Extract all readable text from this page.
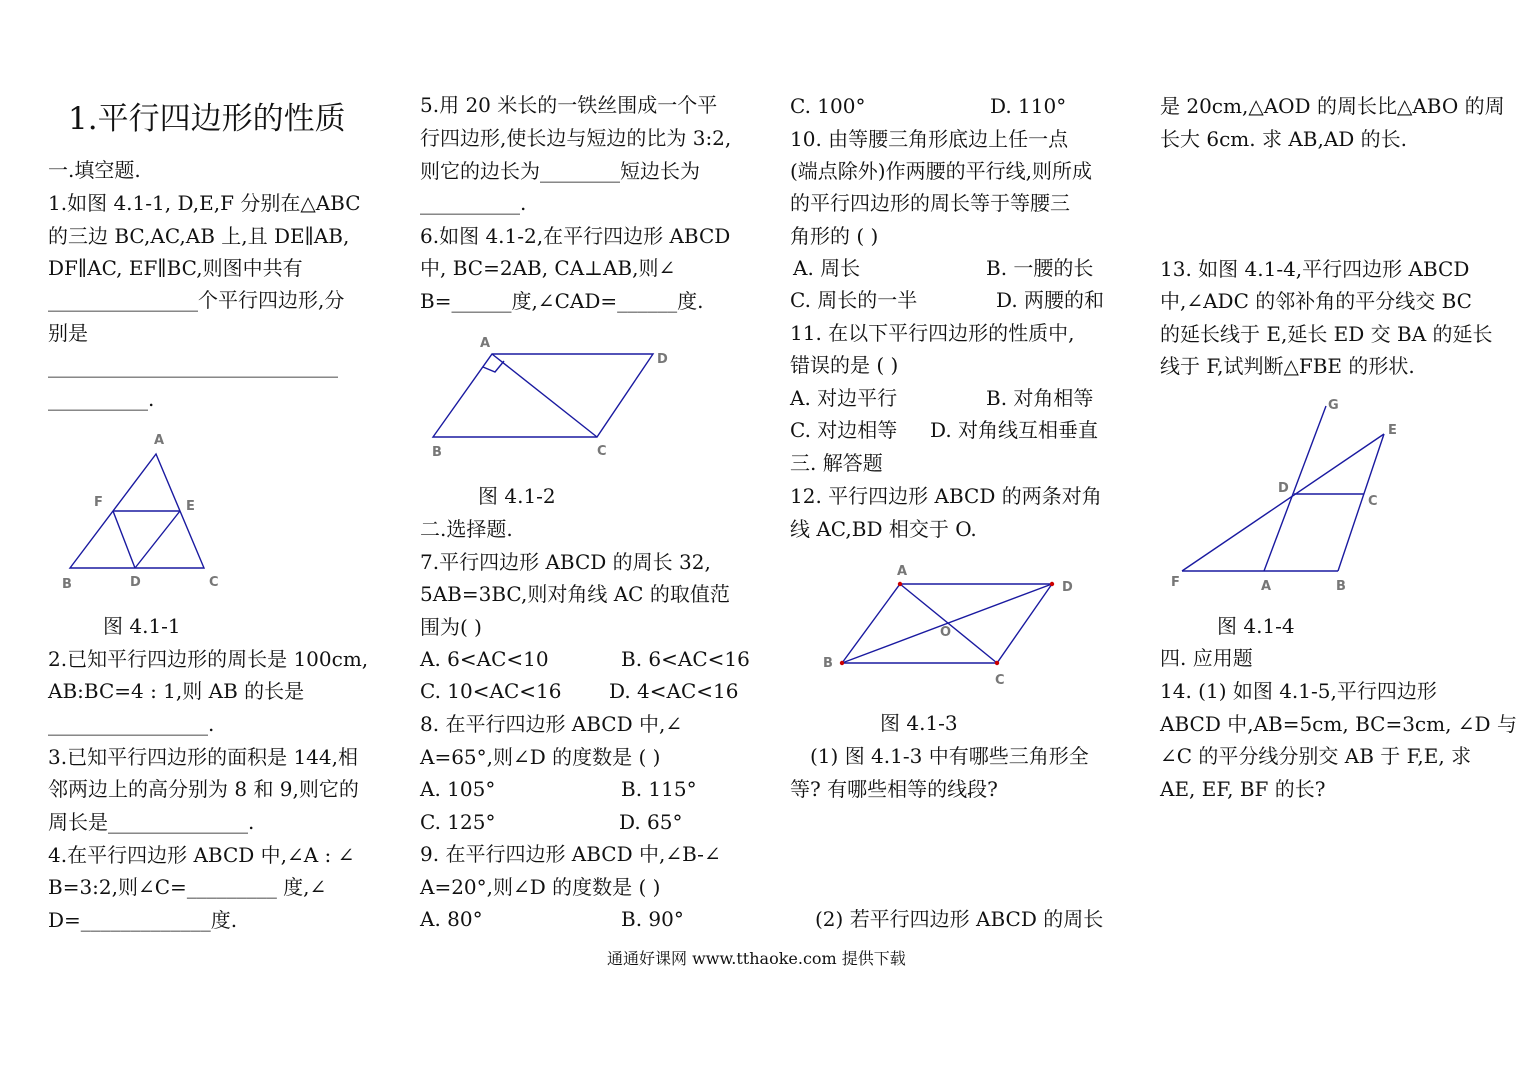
1.平行四边形的性质
一.填空题.
1.如图 4.1-1, D,E,F 分别在△ABC
的三边 BC,AC,AB 上,且 DE∥AB,
DF∥AC, EF∥BC,则图中共有
_______________个平行四边形,分
别是
_____________________________
__________.
A
B	C
D
E
F
图 4.1-1
2.已知平行四边形的周长是 100cm,
AB:BC=4 : 1,则 AB 的长是
________________.
3.已知平行四边形的面积是 144,相
邻两边上的高分别为 8 和 9,则它的
周长是______________.
4.在平行四边形 ABCD 中,∠A : ∠
B=3:2,则∠C=_________ 度,∠
D=_____________度.
5.用 20 米长的一铁丝围成一个平
行四边形,使长边与短边的比为 3:2,
则它的边长为________短边长为
__________.
6.如图 4.1-2,在平行四边形 ABCD
中, BC=2AB, CA⊥AB,则∠
B=______度,∠CAD=______度.
A
B	C
D
图 4.1-2
二.选择题.
7.平行四边形 ABCD 的周长 32,
5AB=3BC,则对角线 AC 的取值范
围为( )
A. 6<AC<10	B. 6<AC<16
C. 10<AC<16 D. 4<AC<16
8. 在平行四边形 ABCD 中,∠
A=65°,则∠D 的度数是 ( )
A. 105°	B. 115°
C. 125°	D. 65°
9. 在平行四边形 ABCD 中,∠B-∠
A=20°,则∠D 的度数是 ( )
A. 80°	B. 90°
C. 100°	D. 110°
10. 由等腰三角形底边上任一点
(端点除外)作两腰的平行线,则所成
的平行四边形的周长等于等腰三
角形的 ( )
A. 周长	B. 一腰的长
C. 周长的一半	D. 两腰的和
11. 在以下平行四边形的性质中,
错误的是 ( )
A. 对边平行	B. 对角相等
C. 对边相等 D. 对角线互相垂直
三. 解答题
12. 平行四边形 ABCD 的两条对角
线 AC,BD 相交于 O.
A
B
C
D
O
图 4.1-3
(1) 图 4.1-3 中有哪些三角形全
等? 有哪些相等的线段?
(2) 若平行四边形 ABCD 的周长
是 20cm,△AOD 的周长比△ABO 的周
长大 6cm. 求 AB,AD 的长.
13. 如图 4.1-4,平行四边形 ABCD
中,∠ADC 的邻补角的平分线交 BC
的延长线于 E,延长 ED 交 BA 的延长
线于 F,试判断△FBE 的形状.
G
E
D
C
F	A	B
图 4.1-4
四. 应用题
14. (1) 如图 4.1-5,平行四边形
ABCD 中,AB=5cm, BC=3cm, ∠D 与
∠C 的平分线分别交 AB 于 F,E, 求
AE, EF, BF 的长?
通通好课网 www.tthaoke.com 提供下载
